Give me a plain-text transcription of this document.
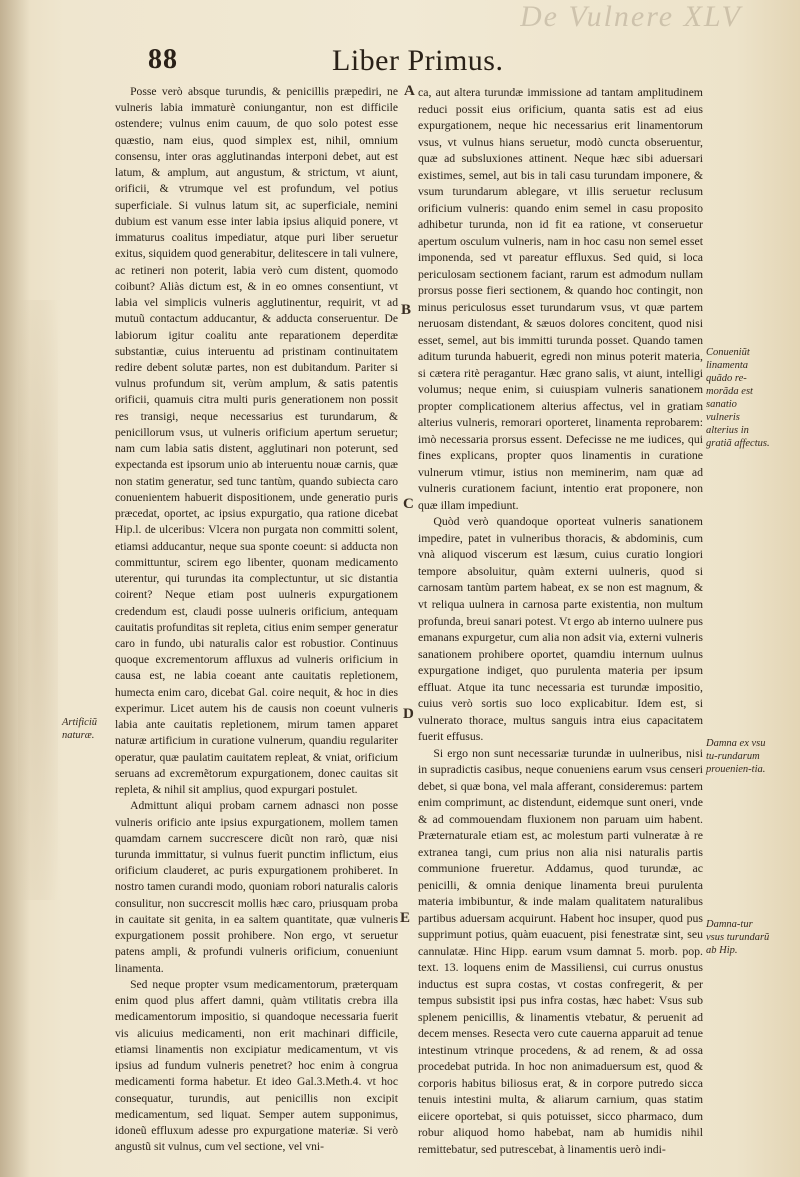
De Vulnere XLV
88	Liber Primus.
A
B
C
D
E
Artificiũ naturæ.
Conueniũt linamenta quãdo re-morãda est sanatio vulneris alterius in gratiã affectus.
Damna ex vsu tu-rundarum prouenien-tia.
Damna-tur vsus turundarũ ab Hip.

Posse verò absque turundis, & penicillis præpediri, ne vulneris labia immaturè coniungantur, non est difficile ostendere; vulnus enim cauum, de quo solo potest esse quæstio, nam eius, quod simplex est, nihil, omnium consensu, inter oras agglutinandas interponi debet, aut est latum, & amplum, aut angustum, & strictum, vt aiunt, orificii, & vtrumque vel est profundum, vel potius superficiale. Si vulnus latum sit, ac superficiale, nemini dubium est vanum esse inter labia ipsius aliquid ponere, vt immaturus coalitus impediatur, atque puri liber seruetur exitus, siquidem quod generabitur, delitescere in tali vulnere, ac retineri non poterit, labia verò cum distent, quomodo coibunt? Aliàs dictum est, & in eo omnes consentiunt, vt labia vel simplicis vulneris agglutinentur, requirit, vt ad mutuũ contactum adducantur, & adducta conseruentur. De labiorum igitur coalitu ante reparationem deperditæ substantiæ, cuius interuentu ad pristinam continuitatem redire debent solutæ partes, non est dubitandum. Pariter si vulnus profundum sit, verùm amplum, & satis patentis orificii, quamuis citra multi puris generationem non possit res transigi, neque necessarius est turundarum, & penicillorum vsus, ut vulneris orificium apertum seruetur; nam cum labia satis distent, agglutinari non poterunt, sed expectanda est ipsorum unio ab interuentu nouæ carnis, quæ non statim generatur, sed tunc tantùm, quando subiecta caro conuenientem habuerit dispositionem, unde generatio puris præcedat, oportet, ac ipsius expurgatio, qua ratione dicebat Hip.l. de ulceribus: Vlcera non purgata non committi solent, etiamsi adducantur, neque sua sponte coeunt: si adducta non committuntur, scirem ego libenter, quonam medicamento uterentur, qui turundas ita complectuntur, ut sic distantia coirent? Neque etiam post uulneris expurgationem credendum est, claudi posse uulneris orificium, antequam cauitatis profunditas sit repleta, citius enim semper generatur caro in fundo, ubi naturalis calor est robustior. Continuus quoque excrementorum affluxus ad vulneris orificium in causa est, ne labia coeant ante cauitatis repletionem, humecta enim caro, dicebat Gal. coire nequit, & hoc in dies experimur. Licet autem his de causis non coeunt vulneris labia ante cauitatis repletionem, mirum tamen apparet naturæ artificium in curatione vulnerum, quandiu regulariter operatur, quæ paulatim cauitatem repleat, & vniat, orificium seruans ad excremẽtorum expurgationem, donec cauitas sit repleta, & nihil sit amplius, quod expurgari postulet.

Admittunt aliqui probam carnem adnasci non posse vulneris orificio ante ipsius expurgationem, mollem tamen quamdam carnem succrescere dicũt non rarò, quæ nisi turunda immittatur, si vulnus fuerit punctim inflictum, eius orificium clauderet, ac puris expurgationem prohiberet. In nostro tamen curandi modo, quoniam robori naturalis caloris consulitur, non succrescit mollis hæc caro, priusquam proba in cauitate sit genita, in ea saltem quantitate, quæ vulneris expurgationem possit prohibere. Non ergo, vt seruetur patens ampli, & profundi vulneris orificium, conueniunt linamenta.

Sed neque propter vsum medicamentorum, præterquam enim quod plus affert damni, quàm vtilitatis crebra illa medicamentorum impositio, si quandoque necessaria fuerit vis alicuius medicamenti, non erit machinari difficile, etiamsi linamentis non excipiatur medicamentum, vt vis ipsius ad fundum vulneris penetret? hoc enim à congrua medicamenti forma habetur. Et ideo Gal.3.Meth.4. vt hoc consequatur, turundis, aut penicillis non excipit medicamentum, sed liquat. Semper autem supponimus, idoneũ effluxum adesse pro expurgatione materiæ. Si verò angustũ sit vulnus, cum vel sectione, vel vni-

ca, aut altera turundæ immissione ad tantam amplitudinem reduci possit eius orificium, quanta satis est ad eius expurgationem, neque hic necessarius erit linamentorum vsus, vt vulnus hians seruetur, modò cuncta obseruentur, quæ ad subsluxiones attinent. Neque hæc sibi aduersari existimes, semel, aut bis in tali casu turundam imponere, & vsum turundarum ablegare, vt illis seruetur reclusum orificium vulneris: quando enim semel in casu proposito adhibetur turunda, non id fit ea ratione, vt conseruetur apertum osculum vulneris, nam in hoc casu non semel esset imponenda, sed vt pareatur effluxus. Sed quid, si loca periculosam sectionem faciant, rarum est admodum nullam prorsus posse fieri sectionem, & quando hoc contingit, non minus periculosus esset turundarum vsus, vt quæ partem neruosam distendant, & sæuos dolores concitent, quod nisi esset, semel, aut bis immitti turunda posset. Quando tamen aditum turunda habuerit, egredi non minus poterit materia, si cætera ritè peragantur. Hæc grano salis, vt aiunt, intelligi volumus; neque enim, si cuiuspiam vulneris sanationem propter complicationem alterius affectus, vel in gratiam alterius vulneris, remorari oporteret, linamenta reprobarem: imò necessaria prorsus essent. Defecisse ne me iudices, qui fines explicans, propter quos linamentis in curatione vulnerum vtimur, istius non meminerim, nam quæ ad vulneris curationem faciunt, intentio erat proponere, non quæ illam impediunt.

Quòd verò quandoque oporteat vulneris sanationem impedire, patet in vulneribus thoracis, & abdominis, cum vnà aliquod viscerum est læsum, cuius curatio longiori tempore absoluitur, quàm externi uulneris, quod si carnosam tantùm partem habeat, ex se non est magnum, & vt reliqua uulnera in carnosa parte existentia, non multum profunda, breui sanari potest. Vt ergo ab interno uulnere pus emanans expurgetur, cum alia non adsit via, externi vulneris sanationem prohibere oportet, quamdiu internum uulnus expurgatione indiget, quo purulenta materia per ipsum effluat. Atque ita tunc necessaria est turundæ impositio, cuius verò sortis suo loco explicabitur. Idem est, si vulnerato thorace, multus sanguis intra eius capacitatem fuerit effusus.

Si ergo non sunt necessariæ turundæ in uulneribus, nisi in supradictis casibus, neque conueniens earum vsus censeri debet, si quæ bona, vel mala afferant, consideremus: partem enim comprimunt, ac distendunt, eidemque sunt oneri, vnde & ad commouendam fluxionem non paruam uim habent. Præternaturale etiam est, ac molestum parti vulneratæ à re extranea tangi, cum prius non alia nisi naturalis partis communione frueretur. Addamus, quod turundæ, ac penicilli, & omnia denique linamenta breui purulenta materia imbibuntur, & inde malam qualitatem naturalibus partibus aduersam acquirunt. Habent hoc insuper, quod pus supprimunt potius, quàm euacuent, pisi fenestratæ sint, seu cannulatæ. Hinc Hipp. earum vsum damnat 5. morb. pop. text. 13. loquens enim de Massiliensi, cui currus onustus inductus est supra costas, vt costas confregerit, & per tempus subsistit ipsi pus infra costas, hæc habet: Vsus sub splenem penicillis, & linamentis vtebatur, & peruenit ad decem menses. Resecta vero cute cauerna apparuit ad tenue intestinum vtrinque procedens, & ad renem, & ad ossa procedebat putrida. In hoc non animaduersum est, quod & corporis habitus biliosus erat, & in corpore putredo sicca tenuis intestini multa, & aliarum carnium, quas statim eiicere oportebat, si quis potuisset, sicco pharmaco, dum robur aliquod homo habebat, nam ab humidis nihil remittebatur, sed putrescebat, à linamentis uerò indi-
